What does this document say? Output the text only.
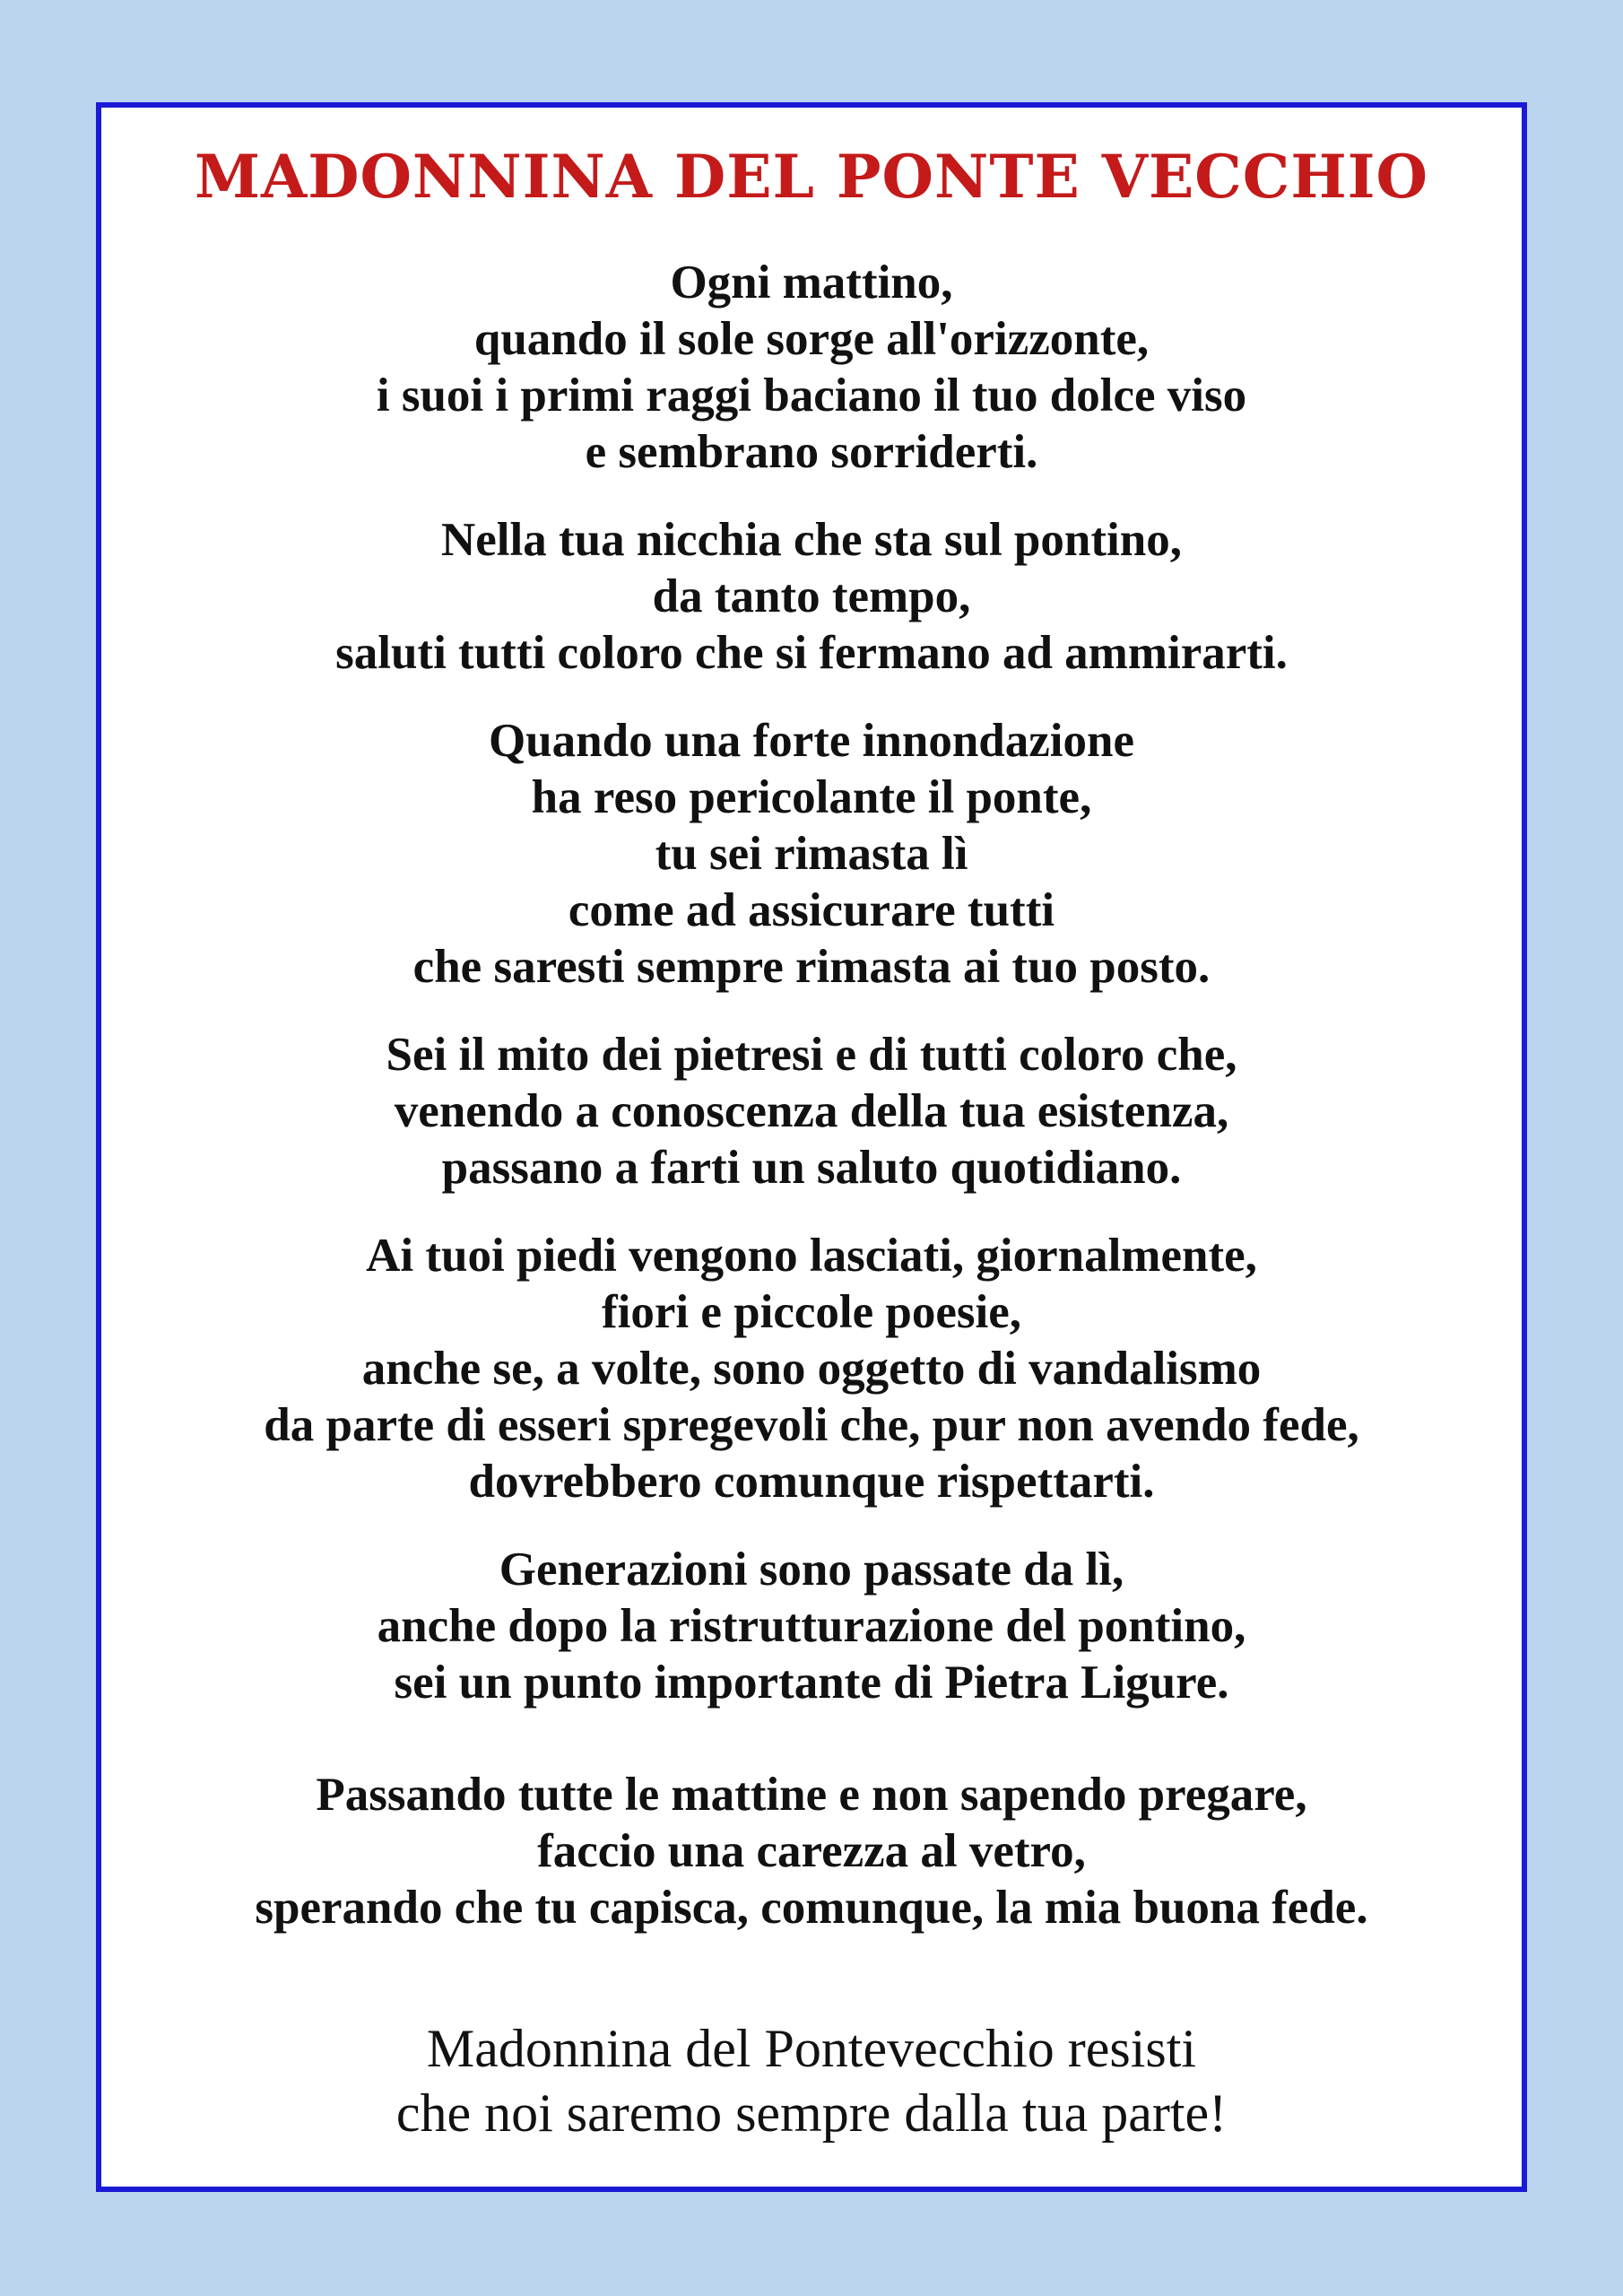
MADONNINA DEL PONTE VECCHIO
Ogni mattino,
quando il sole sorge all'orizzonte,
i suoi i primi raggi baciano il tuo dolce viso
e sembrano sorriderti.
Nella tua nicchia che sta sul pontino,
da tanto tempo,
saluti tutti coloro che si fermano ad ammirarti.
Quando una forte innondazione
ha reso pericolante il ponte,
tu sei rimasta lì
come ad assicurare tutti
che saresti sempre rimasta ai tuo posto.
Sei il mito dei pietresi e di tutti coloro che,
venendo a conoscenza della tua esistenza,
passano a farti un saluto quotidiano.
Ai tuoi piedi vengono lasciati, giornalmente,
fiori e piccole poesie,
anche se, a volte, sono oggetto di vandalismo
da parte di esseri spregevoli che, pur non avendo fede,
dovrebbero comunque rispettarti.
Generazioni sono passate da lì,
anche dopo la ristrutturazione del pontino,
sei un punto importante di Pietra Ligure.
Passando tutte le mattine e non sapendo pregare,
faccio una carezza al vetro,
sperando che tu capisca, comunque, la mia buona fede.
Madonnina del Pontevecchio resisti
che noi saremo sempre dalla tua parte!
